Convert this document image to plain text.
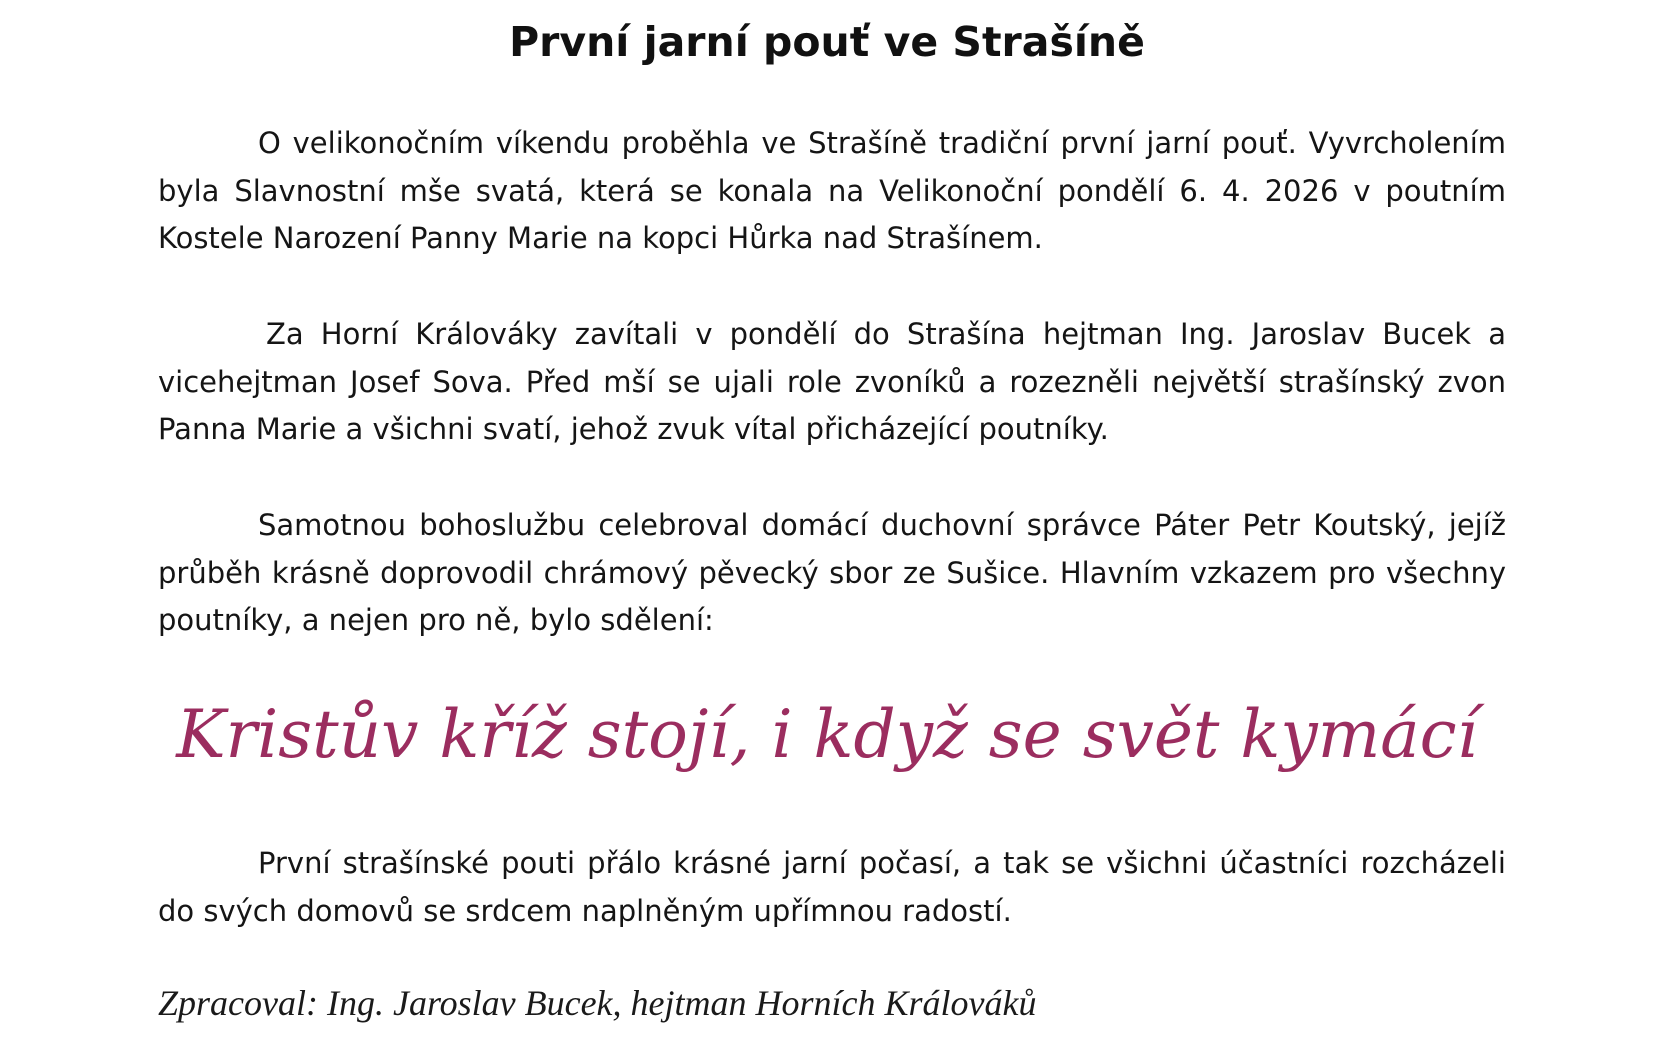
První jarní pouť ve Strašíně

O velikonočním víkendu proběhla ve Strašíně tradiční první jarní pouť. Vyvrcholením byla Slavnostní mše svatá, která se konala na Velikonoční pondělí 6. 4. 2026 v poutním Kostele Narození Panny Marie na kopci Hůrka nad Strašínem.

Za Horní Králováky zavítali v pondělí do Strašína hejtman Ing. Jaroslav Bucek a vicehejtman Josef Sova. Před mší se ujali role zvoníků a rozezněli největší strašínský zvon Panna Marie a všichni svatí, jehož zvuk vítal přicházející poutníky.

Samotnou bohoslužbu celebroval domácí duchovní správce Páter Petr Koutský, jejíž průběh krásně doprovodil chrámový pěvecký sbor ze Sušice. Hlavním vzkazem pro všechny poutníky, a nejen pro ně, bylo sdělení:

Kristův kříž stojí, i když se svět kymácí

První strašínské pouti přálo krásné jarní počasí, a tak se všichni účastníci rozcházeli do svých domovů se srdcem naplněným upřímnou radostí.

Zpracoval: Ing. Jaroslav Bucek, hejtman Horních Králováků
